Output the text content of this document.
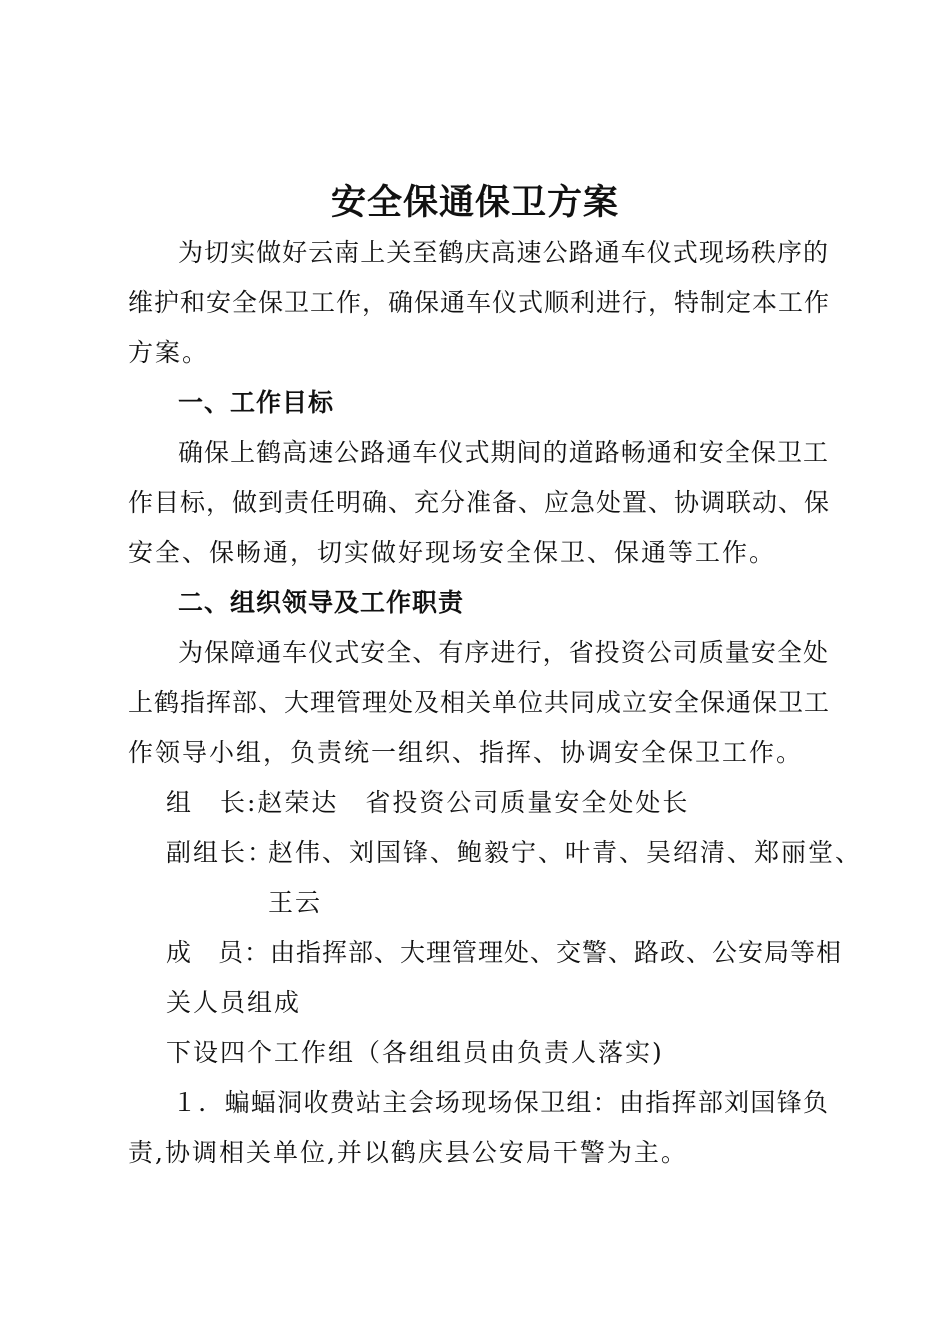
安全保通保卫方案
为切实做好云南上关至鹤庆高速公路通车仪式现场秩序的
维护和安全保卫工作，确保通车仪式顺利进行，特制定本工作
方案。
一、工作目标
确保上鹤高速公路通车仪式期间的道路畅通和安全保卫工
作目标，做到责任明确、充分准备、应急处置、协调联动、保
安全、保畅通，切实做好现场安全保卫、保通等工作。
二、组织领导及工作职责
为保障通车仪式安全、有序进行，省投资公司质量安全处
上鹤指挥部、大理管理处及相关单位共同成立安全保通保卫工
作领导小组，负责统一组织、指挥、协调安全保卫工作。
组　长:赵荣达　省投资公司质量安全处处长
副组长：
赵伟、刘国锋、鲍毅宁、叶青、吴绍清、郑丽堂、
王云
成　员：由指挥部、大理管理处、交警、路政、公安局等相
关人员组成
下设四个工作组（各组组员由负责人落实)
１．蝙蝠洞收费站主会场现场保卫组：由指挥部刘国锋负
责,协调相关单位,并以鹤庆县公安局干警为主。
